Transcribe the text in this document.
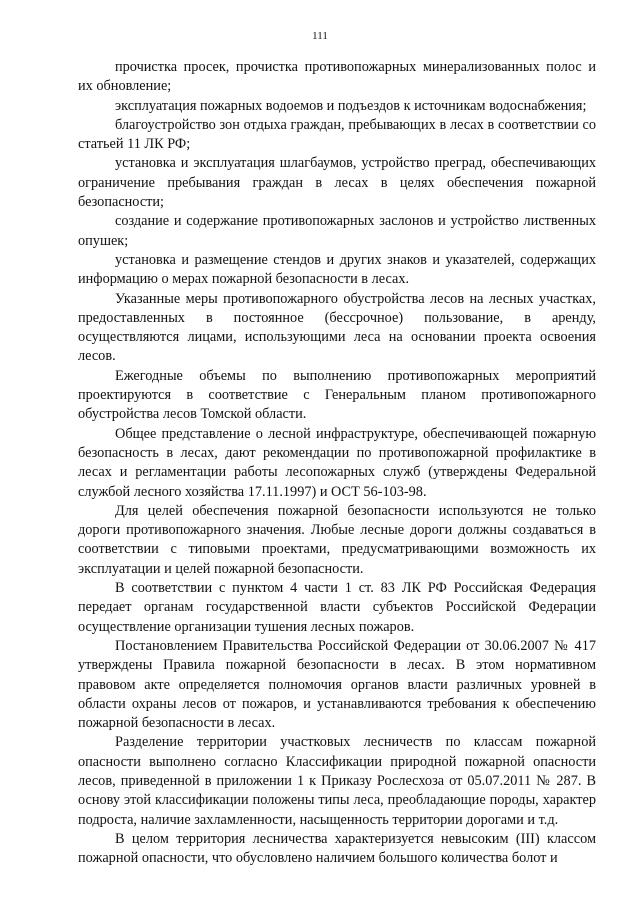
111

прочистка просек, прочистка противопожарных минерализованных полос и их обновление;

эксплуатация пожарных водоемов и подъездов к источникам водоснабжения;

благоустройство зон отдыха граждан, пребывающих в лесах в соответствии со статьей 11 ЛК РФ;

установка и эксплуатация шлагбаумов, устройство преград, обеспечивающих ограничение пребывания граждан в лесах в целях обеспечения пожарной безопасности;

создание и содержание противопожарных заслонов и устройство лиственных опушек;

установка и размещение стендов и других знаков и указателей, содержащих информацию о мерах пожарной безопасности в лесах.

Указанные меры противопожарного обустройства лесов на лесных участках, предоставленных в постоянное (бессрочное) пользование, в аренду, осуществляются лицами, использующими леса на основании проекта освоения лесов.

Ежегодные объемы по выполнению противопожарных мероприятий проектируются в соответствие с Генеральным планом противопожарного обустройства лесов Томской области.

Общее представление о лесной инфраструктуре, обеспечивающей пожарную безопасность в лесах, дают рекомендации по противопожарной профилактике в лесах и регламентации работы лесопожарных служб (утверждены Федеральной службой лесного хозяйства 17.11.1997) и ОСТ 56-103-98.

Для целей обеспечения пожарной безопасности используются не только дороги противопожарного значения. Любые лесные дороги должны создаваться в соответствии с типовыми проектами, предусматривающими возможность их эксплуатации и целей пожарной безопасности.

В соответствии с пунктом 4 части 1 ст. 83 ЛК РФ Российская Федерация передает органам государственной власти субъектов Российской Федерации осуществление организации тушения лесных пожаров.

Постановлением Правительства Российской Федерации от 30.06.2007 № 417 утверждены Правила пожарной безопасности в лесах. В этом нормативном правовом акте определяется полномочия органов власти различных уровней в области охраны лесов от пожаров, и устанавливаются требования к обеспечению пожарной безопасности в лесах.

Разделение территории участковых лесничеств по классам пожарной опасности выполнено согласно Классификации природной пожарной опасности лесов, приведенной в приложении 1 к Приказу Рослесхоза от 05.07.2011 № 287. В основу этой классификации положены типы леса, преобладающие породы, характер подроста, наличие захламленности, насыщенность территории дорогами и т.д.

В целом территория лесничества характеризуется невысоким (III) классом пожарной опасности, что обусловлено наличием большого количества болот и
